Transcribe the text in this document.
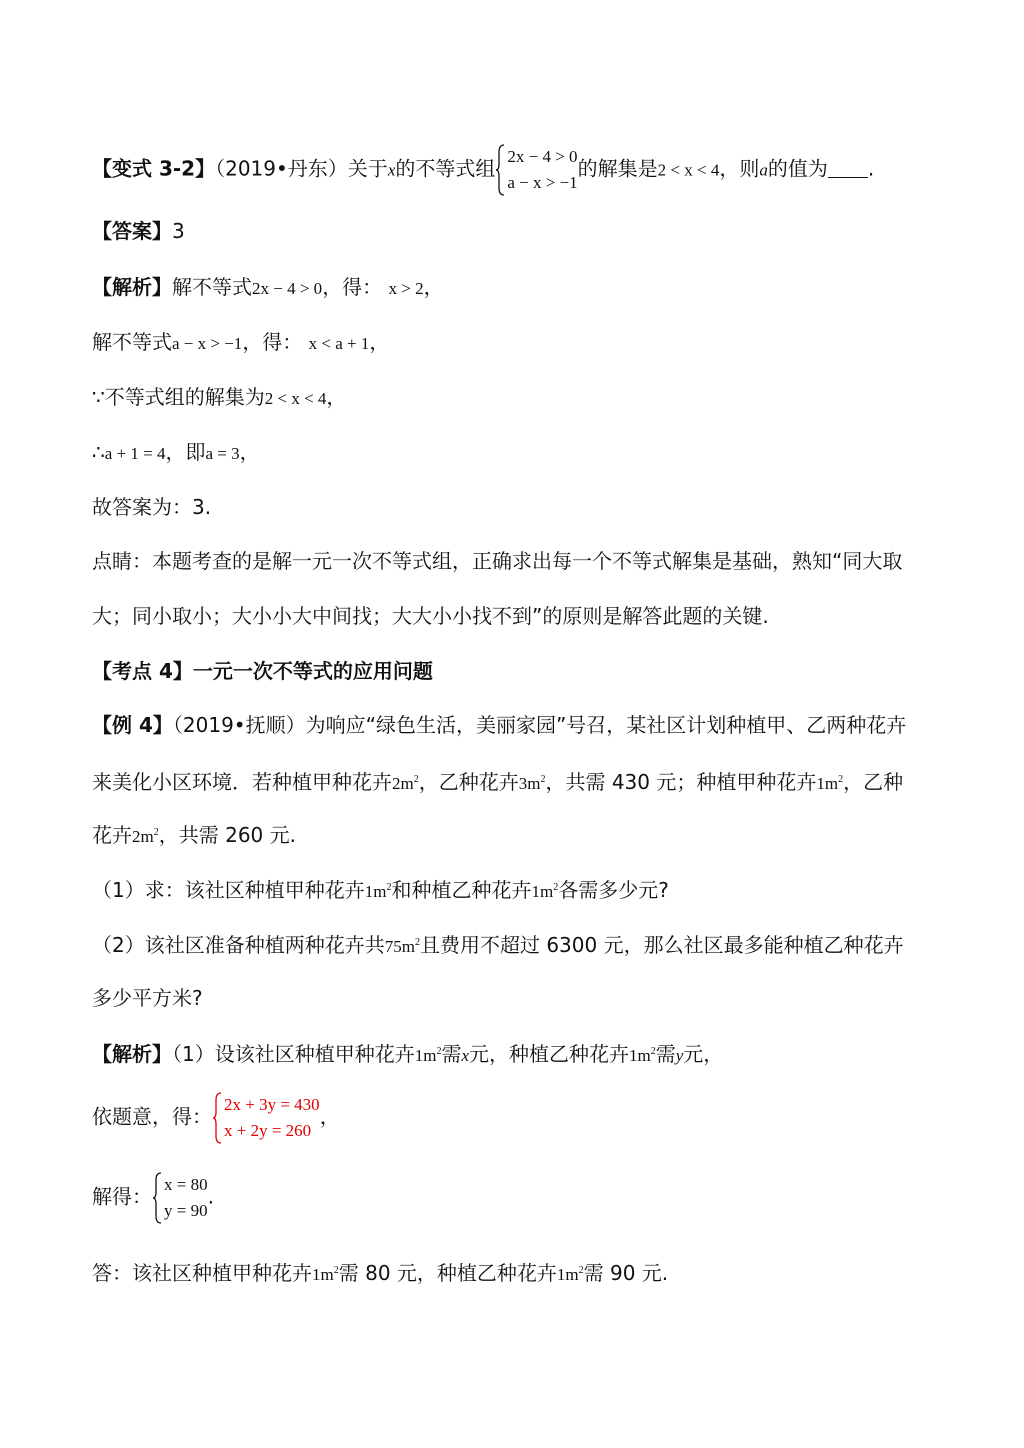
【变式 3-2】（2019•丹东）关于x的不等式组 2x − 4 > 0
a − x > −1
的解集是2 < x < 4，则a的值为 .
【答案】3
【解析】解不等式2x − 4 > 0，得： x > 2，
解不等式a − x > −1，得： x < a + 1，
∵不等式组的解集为2 < x < 4，
∴a + 1 = 4，即a = 3，
故答案为：3.
点睛：本题考查的是解一元一次不等式组，正确求出每一个不等式解集是基础，熟知“同大取
大；同小取小；大小小大中间找；大大小小找不到”的原则是解答此题的关键.
【考点 4】一元一次不等式的应用问题
【例 4】（2019•抚顺）为响应“绿色生活，美丽家园”号召，某社区计划种植甲、乙两种花卉
来美化小区环境．若种植甲种花卉$2m^2$，乙种花卉$3m^2$，共需 430 元；种植甲种花卉$1m^2$，乙种
花卉$2m^2$，共需 260 元.
（1）求：该社区种植甲种花卉$1m^2$和种植乙种花卉$1m^2$各需多少元?
（2）该社区准备种植两种花卉共$75m^2$且费用不超过 6300 元，那么社区最多能种植乙种花卉
多少平方米?
【解析】（1）设该社区种植甲种花卉$1m^2$需x元，种植乙种花卉$1m^2$需y元，
依题意，得： 2x + 3y = 430
x + 2y = 260
，
解得： x = 80
y = 90
.
答：该社区种植甲种花卉$1m^2$需 80 元，种植乙种花卉$1m^2$需 90 元.
